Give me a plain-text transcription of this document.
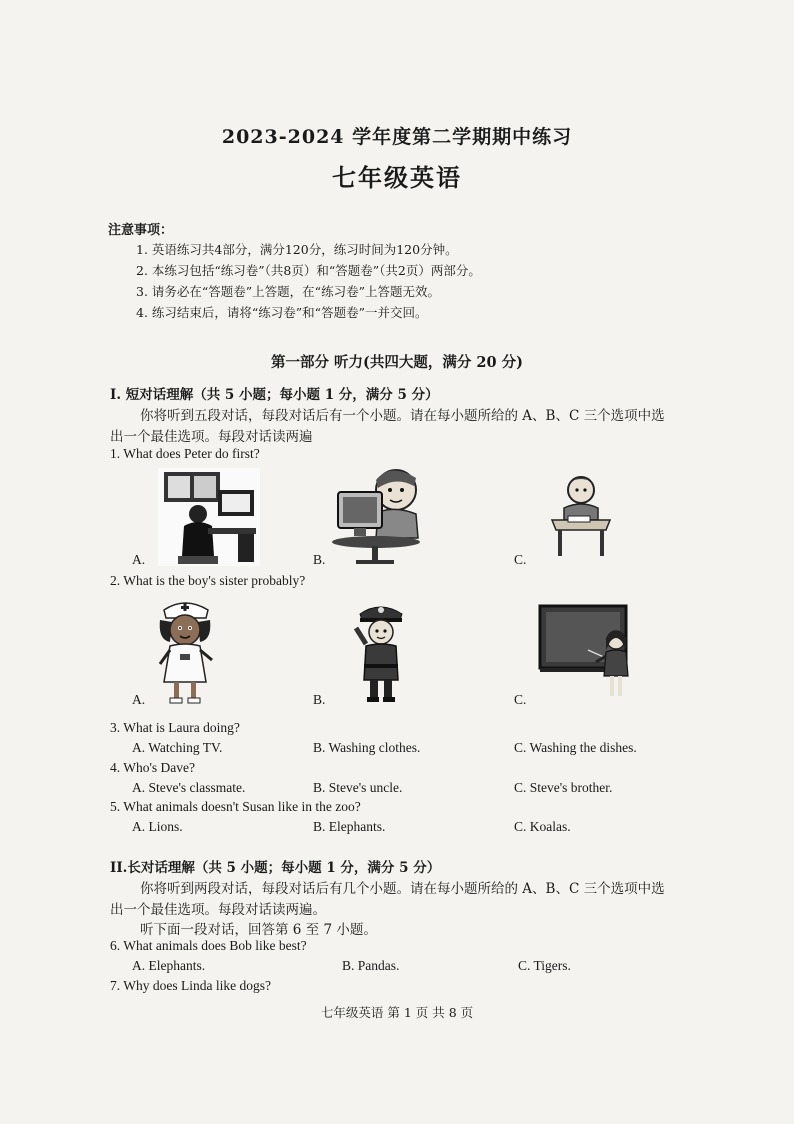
2023-2024 学年度第二学期期中练习
七年级英语
注意事项：
1. 英语练习共4部分，满分120分，练习时间为120分钟。
2. 本练习包括“练习卷”（共8页）和“答题卷”（共2页）两部分。
3. 请务必在“答题卷”上答题，在“练习卷”上答题无效。
4. 练习结束后，请将“练习卷”和“答题卷”一并交回。
第一部分 听力(共四大题，满分 20 分)
I. 短对话理解（共 5 小题；每小题 1 分，满分 5 分）
你将听到五段对话，每段对话后有一个小题。请在每小题所给的 A、B、C 三个选项中选
出一个最佳选项。每段对话读两遍
1. What does Peter do first?
A.	B.	C.
2. What is the boy's sister probably?
A.	B.	C.
3. What is Laura doing?
A. Watching TV.	B. Washing clothes.	C. Washing the dishes.
4. Who's Dave?
A. Steve's classmate.	B. Steve's uncle.	C. Steve's brother.
5. What animals doesn't Susan like in the zoo?
A. Lions.	B. Elephants.	C. Koalas.
II.长对话理解（共 5 小题；每小题 1 分，满分 5 分）
你将听到两段对话，每段对话后有几个小题。请在每小题所给的 A、B、C 三个选项中选
出一个最佳选项。每段对话读两遍。
听下面一段对话，回答第 6 至 7 小题。
6. What animals does Bob like best?
A. Elephants.	B. Pandas.	C. Tigers.
7. Why does Linda like dogs?
七年级英语 第 1 页 共 8 页
